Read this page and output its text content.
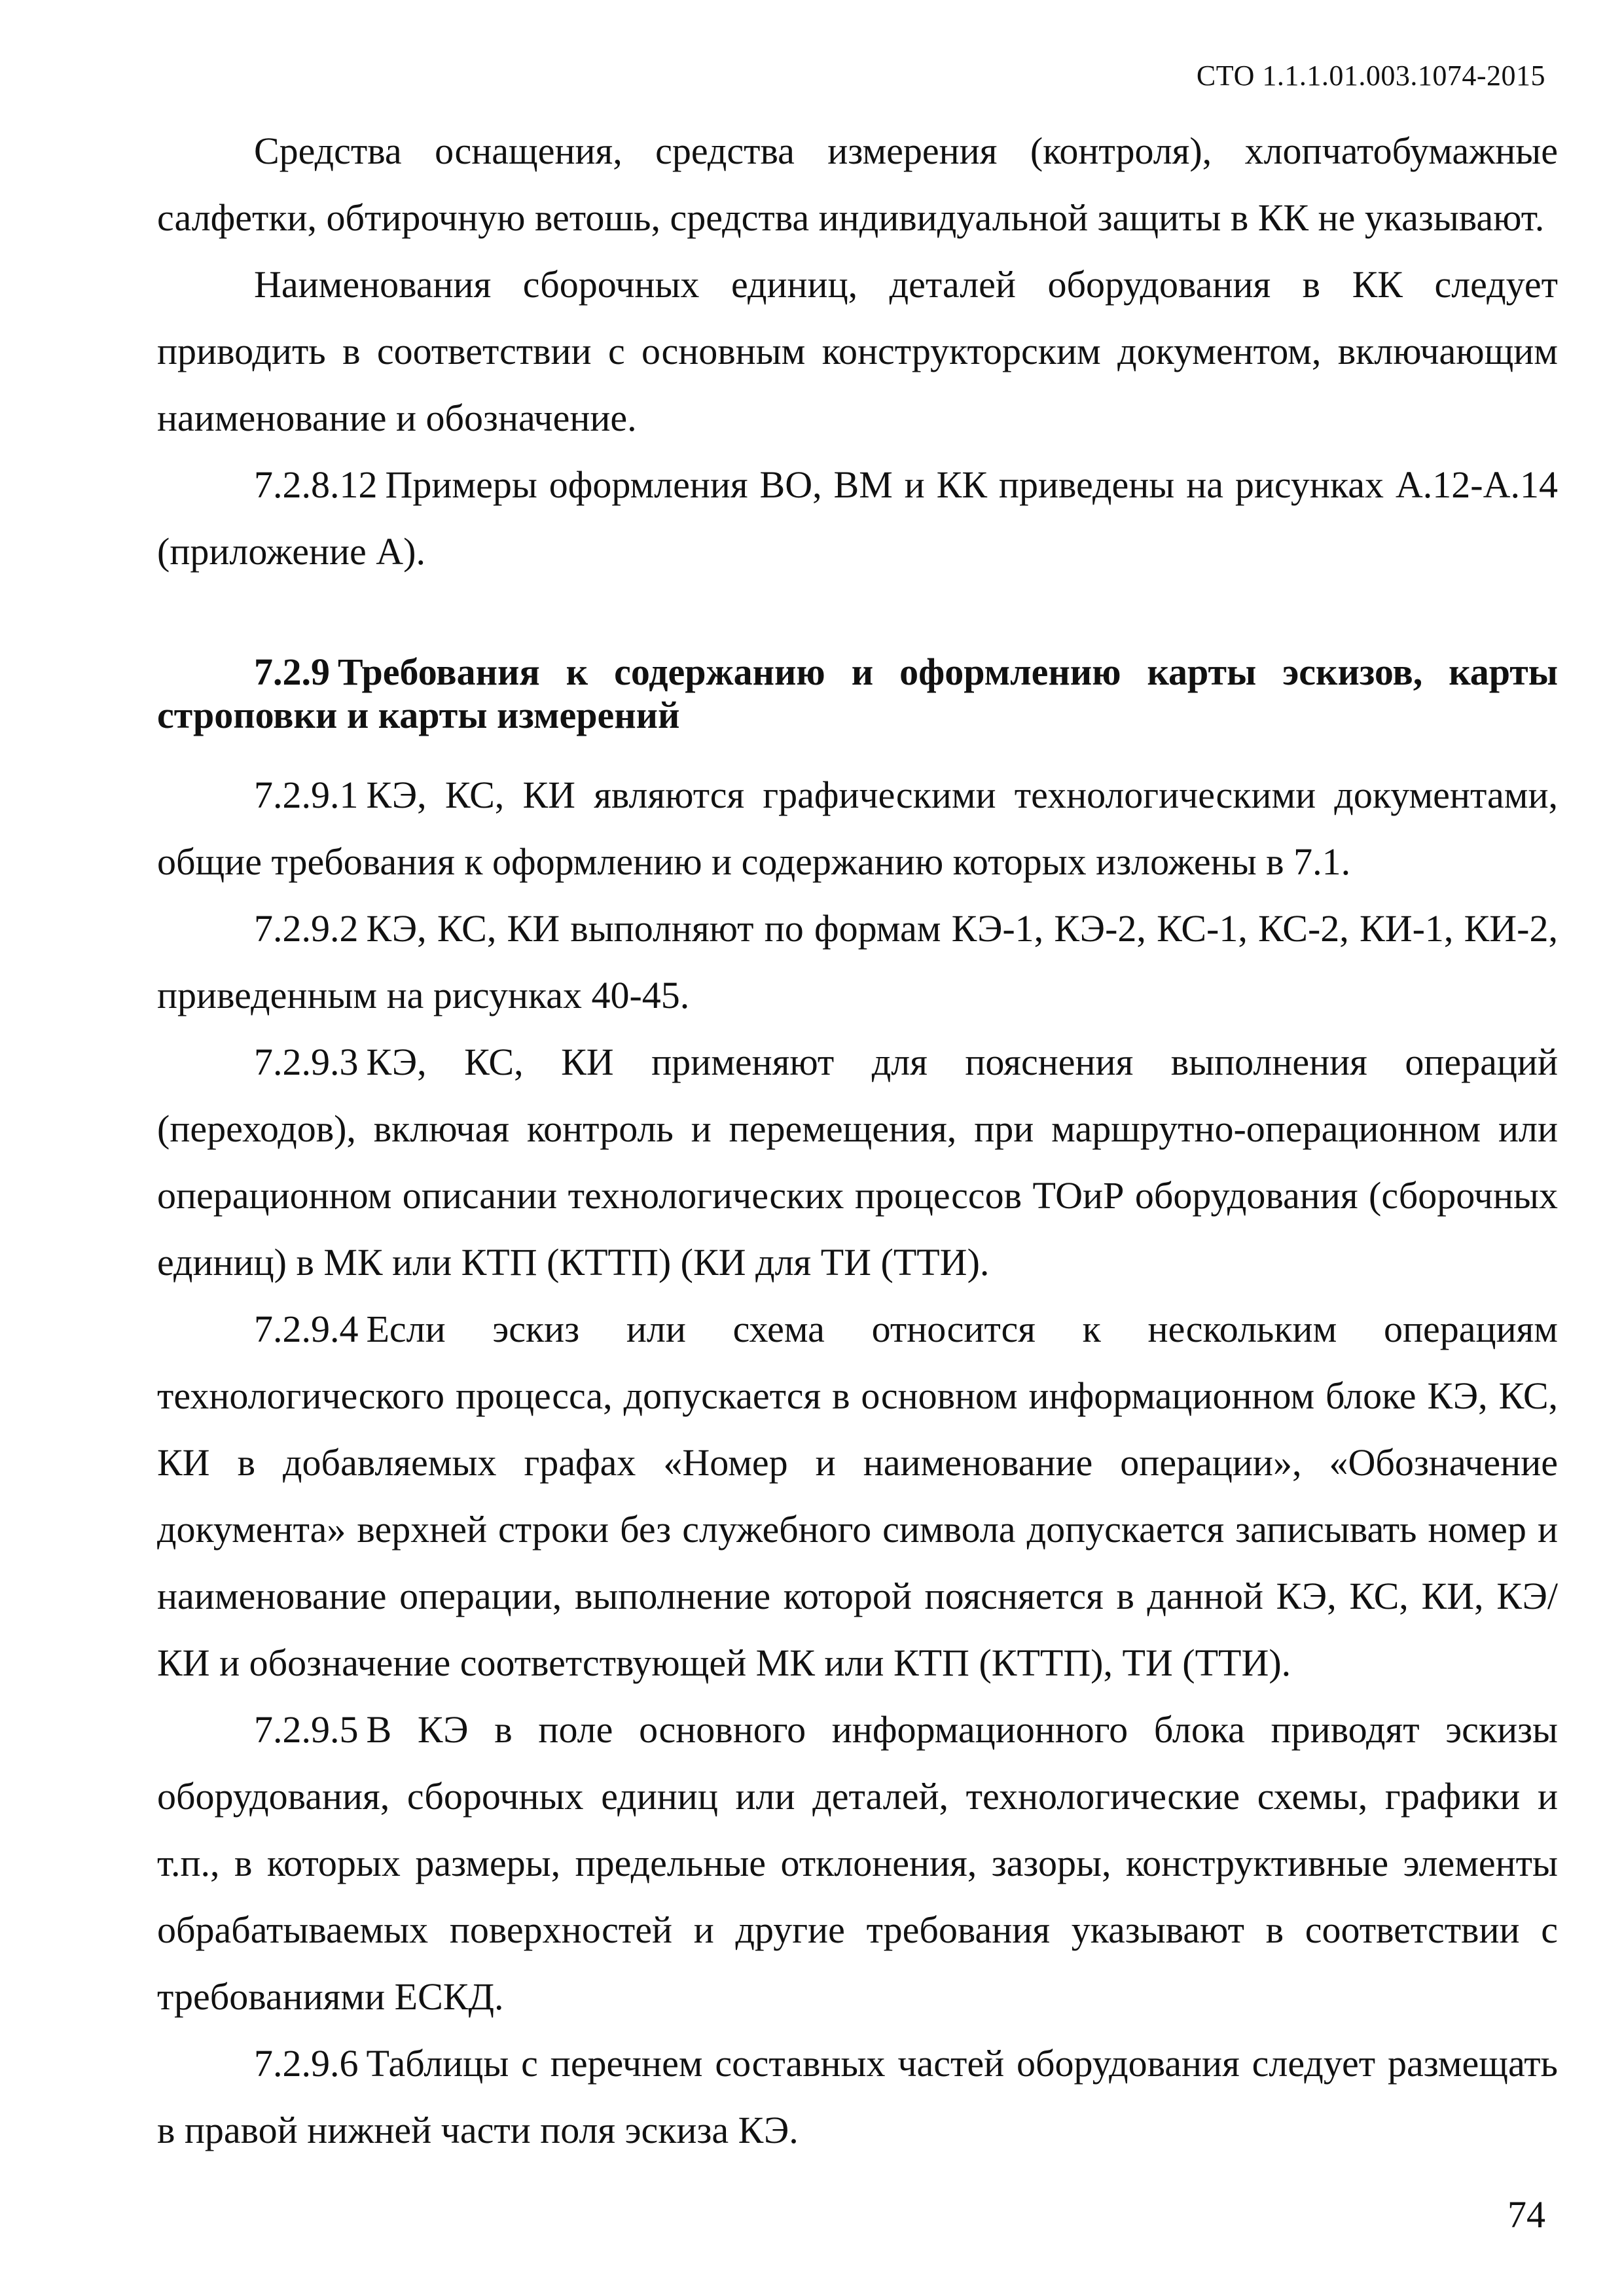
СТО 1.1.1.01.003.1074-2015

Средства оснащения, средства измерения (контроля), хлопчатобумажные салфетки, обтирочную ветошь, средства индивидуальной защиты в КК не указывают.

Наименования сборочных единиц, деталей оборудования в КК следует приводить в соответствии с основным конструкторским документом, включающим наименование и обозначение.

7.2.8.12 Примеры оформления ВО, ВМ и КК приведены на рисунках А.12-А.14 (приложение А).

7.2.9 Требования к содержанию и оформлению карты эскизов, карты строповки и карты измерений

7.2.9.1 КЭ, КС, КИ являются графическими технологическими документами, общие требования к оформлению и содержанию которых изложены в 7.1.

7.2.9.2 КЭ, КС, КИ выполняют по формам КЭ-1, КЭ-2, КС-1, КС-2, КИ-1, КИ-2, приведенным на рисунках 40-45.

7.2.9.3 КЭ, КС, КИ применяют для пояснения выполнения операций (переходов), включая контроль и перемещения, при маршрутно-операционном или операционном описании технологических процессов ТОиР оборудования (сборочных единиц) в МК или КТП (КТТП) (КИ для ТИ (ТТИ).

7.2.9.4 Если эскиз или схема относится к нескольким операциям технологического процесса, допускается в основном информационном блоке КЭ, КС, КИ в добавляемых графах «Номер и наименование операции», «Обозначение документа» верхней строки без служебного символа допускается записывать номер и наименование операции, выполнение которой поясняется в данной КЭ, КС, КИ, КЭ/КИ и обозначение соответствующей МК или КТП (КТТП), ТИ (ТТИ).

7.2.9.5 В КЭ в поле основного информационного блока приводят эскизы оборудования, сборочных единиц или деталей, технологические схемы, графики и т.п., в которых размеры, предельные отклонения, зазоры, конструктивные элементы обрабатываемых поверхностей и другие требования указывают в соответствии с требованиями ЕСКД.

7.2.9.6 Таблицы с перечнем составных частей оборудования следует размещать в правой нижней части поля эскиза КЭ.

74
